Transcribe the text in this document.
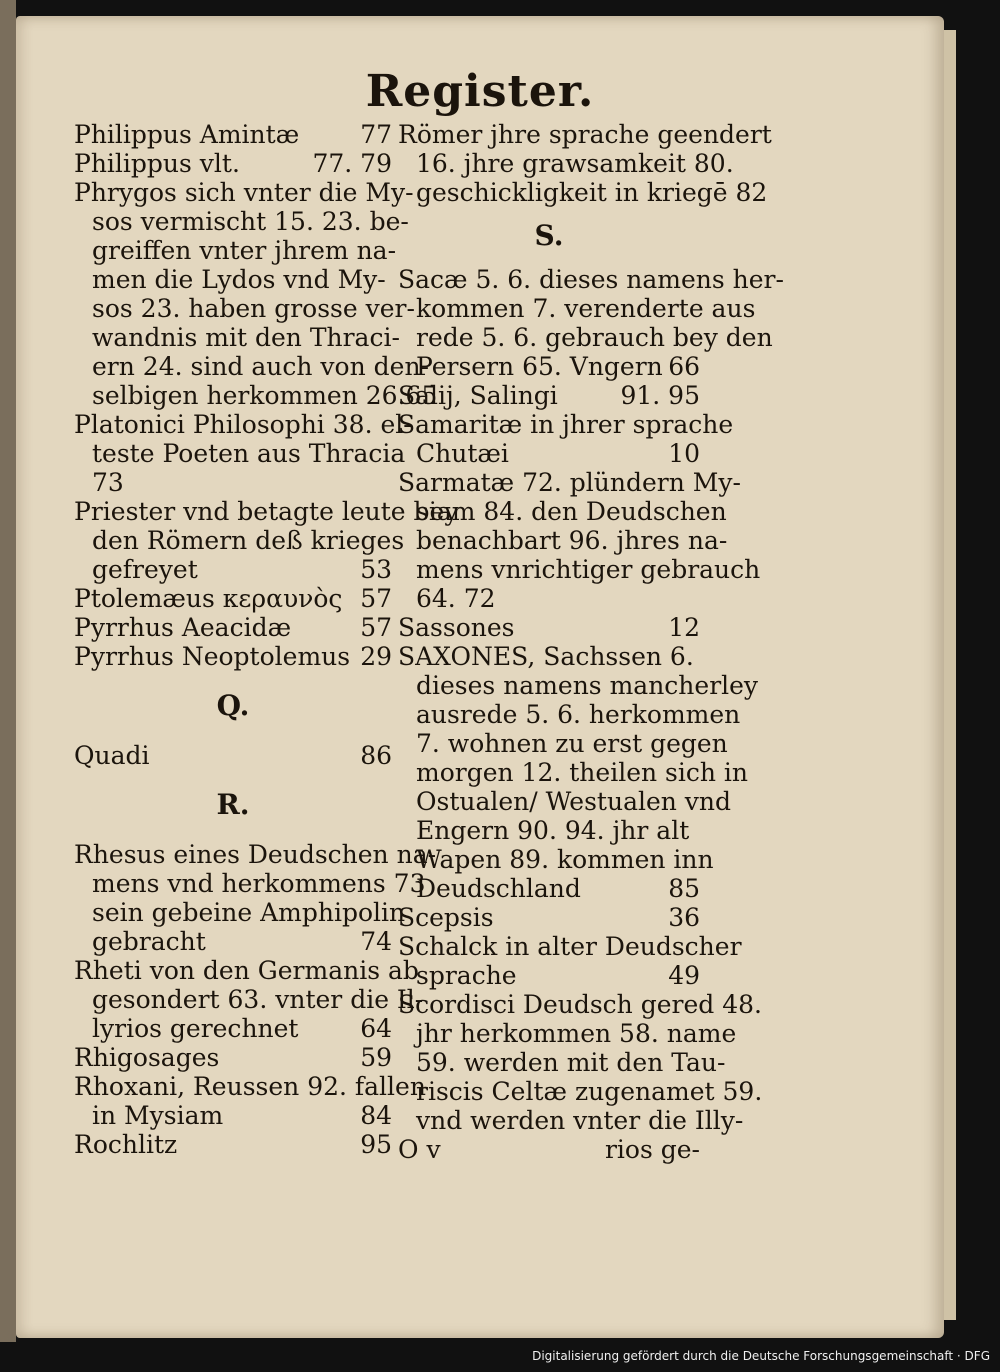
Register.
Philippus Amintæ 77
Philippus vlt.	77. 79
Phrygos sich vnter die My-
sos vermischt 15. 23. be-
greiffen vnter jhrem na-
men die Lydos vnd My-
sos 23. haben grosse ver-
wandnis mit den Thraci-
ern 24. sind auch von den-
selbigen herkommen 26.65
Platonici Philosophi 38. el-
teste Poeten aus Thracia
73
Priester vnd betagte leute bey
den Römern deß krieges
gefreyet	53
Ptolemæus κεραυνὸς 57
Pyrrhus Aeacidæ	57
Pyrrhus Neoptolemus 29
Q.
Quadi	86
R.
Rhesus eines Deudschen na-
mens vnd herkommens 73
sein gebeine Amphipolin
gebracht	74
Rheti von den Germanis ab
gesondert 63. vnter die Il-
lyrios gerechnet 64
Rhigosages	59
Rhoxani, Reussen 92. fallen
in Mysiam	84
Rochlitz	95
Römer jhre sprache geendert
16. jhre grawsamkeit 80.
geschickligkeit in kriegē 82
S.
Sacæ 5. 6. dieses namens her-
kommen 7. verenderte aus
rede 5. 6. gebrauch bey den
Persern 65. Vngern 66
Salij, Salingi	91. 95
Samaritæ in jhrer sprache
Chutæi	10
Sarmatæ 72. plündern My-
siam 84. den Deudschen
benachbart 96. jhres na-
mens vnrichtiger gebrauch
64. 72
Sassones	12
SAXONES, Sachssen 6.
dieses namens mancherley
ausrede 5. 6. herkommen
7. wohnen zu erst gegen
morgen 12. theilen sich in
Ostualen/ Westualen vnd
Engern 90. 94. jhr alt
Wapen 89. kommen inn
Deudschland	85
Scepsis	36
Schalck in alter Deudscher
sprache	49
Scordisci Deudsch gered 48.
jhr herkommen 58. name
59. werden mit den Tau-
riscis Celtæ zugenamet 59.
vnd werden vnter die Illy-
O v	rios ge-
Digitalisierung gefördert durch die Deutsche Forschungsgemeinschaft · DFG
